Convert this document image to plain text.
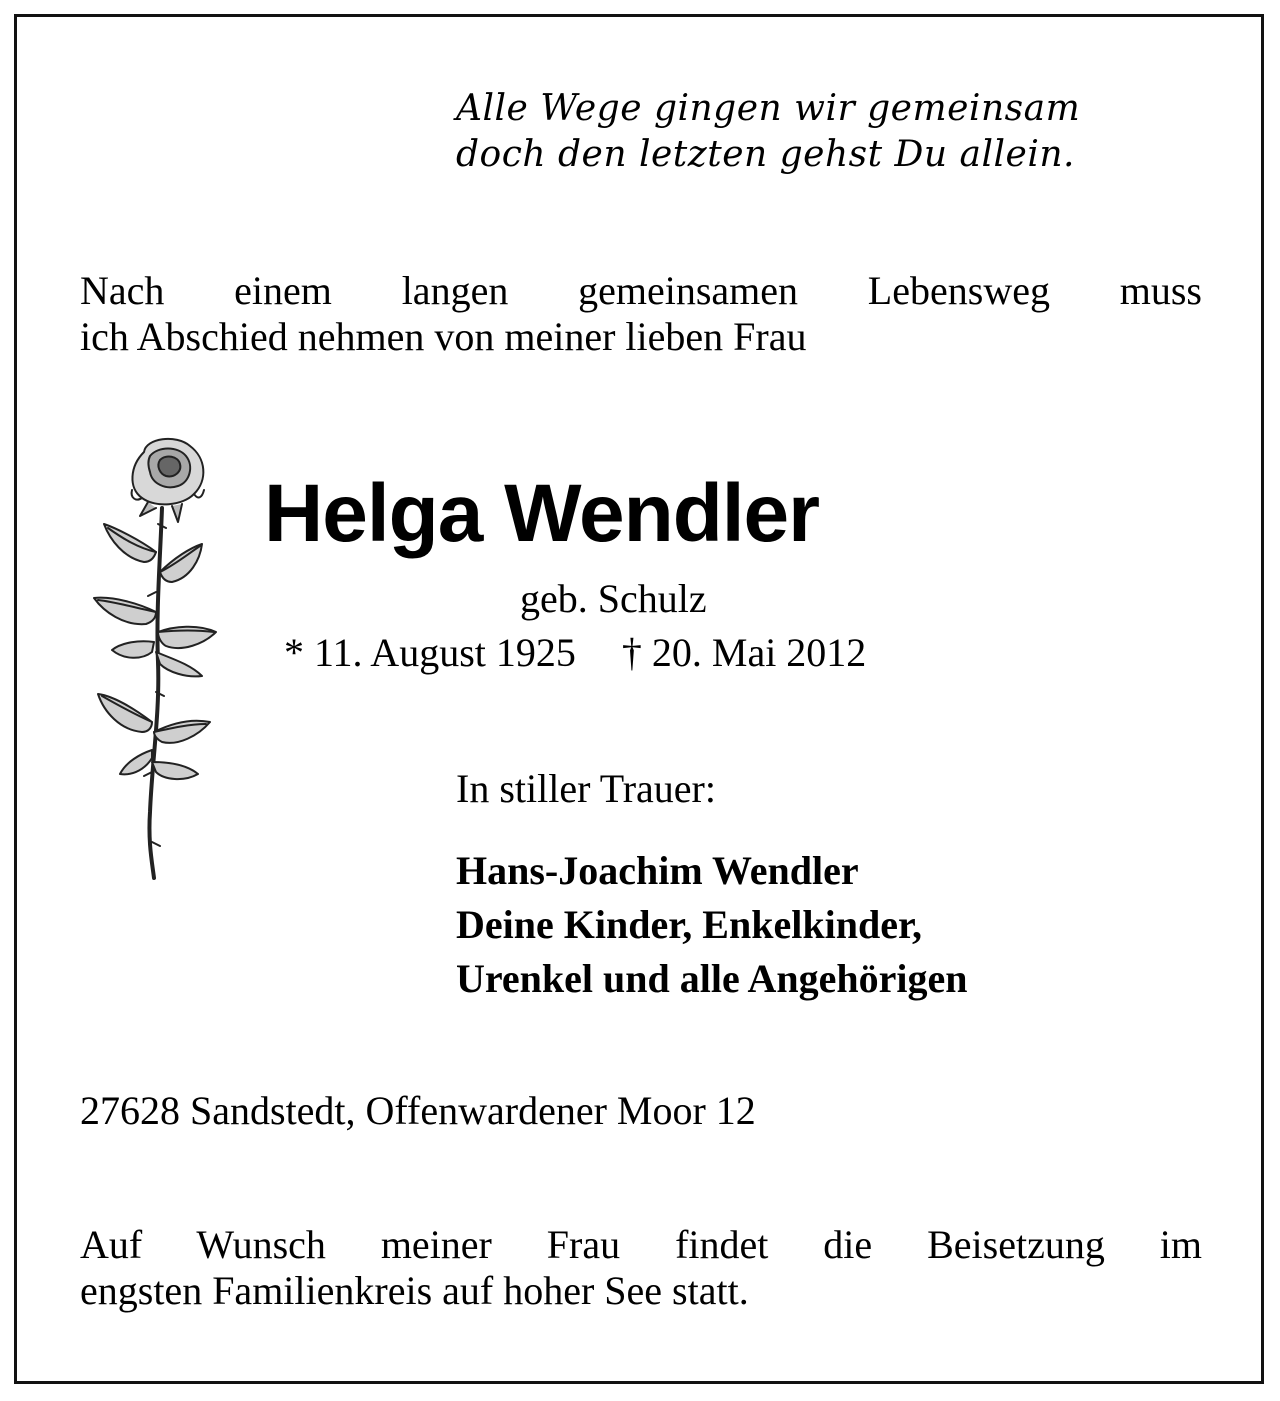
Alle Wege gingen wir gemeinsam
doch den letzten gehst Du allein.
Nach einem langen gemeinsamen Lebensweg muss
ich Abschied nehmen von meiner lieben Frau
Helga Wendler
geb. Schulz
* 11. August 1925 † 20. Mai 2012
In stiller Trauer:
Hans-Joachim Wendler
Deine Kinder, Enkelkinder,
Urenkel und alle Angehörigen
27628 Sandstedt, Offenwardener Moor 12
Auf Wunsch meiner Frau findet die Beisetzung im
engsten Familienkreis auf hoher See statt.
